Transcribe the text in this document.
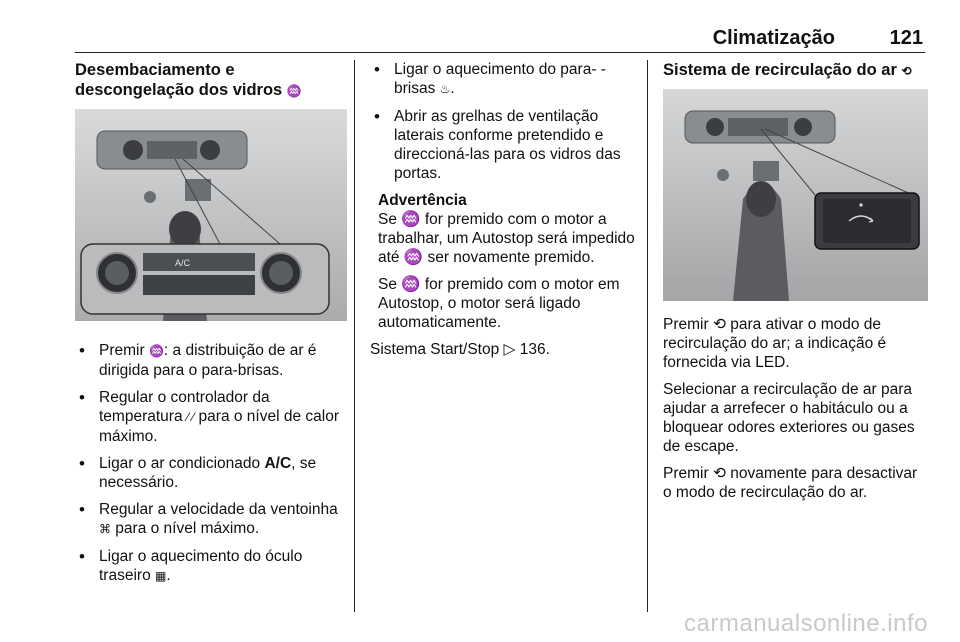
Climatização	121
Desembaciamento e
descongelação dos vidros ♒
A/C
• Premir ♒: a distribuição de ar é dirigida para o para-brisas.
• Regular o controlador da temperatura ⁄ ⁄ para o nível de calor máximo.
• Ligar o ar condicionado A/C, se necessário.
• Regular a velocidade da ventoinha ⌘ para o nível máximo.
• Ligar o aquecimento do óculo traseiro ▦.
• Ligar o aquecimento do para- -brisas ♨.
• Abrir as grelhas de ventilação laterais conforme pretendido e direccioná-las para os vidros das portas.

Advertência

Se ♒ for premido com o motor a trabalhar, um Autostop será impedido até ♒ ser novamente premido.

Se ♒ for premido com o motor em Autostop, o motor será ligado automaticamente.

Sistema Start/Stop ▷ 136.

Sistema de recirculação do ar ⟲

Premir ⟲ para ativar o modo de recirculação do ar; a indicação é fornecida via LED.

Selecionar a recirculação de ar para ajudar a arrefecer o habitáculo ou a bloquear odores exteriores ou gases de escape.

Premir ⟲ novamente para desactivar o modo de recirculação do ar.

carmanualsonline.info
